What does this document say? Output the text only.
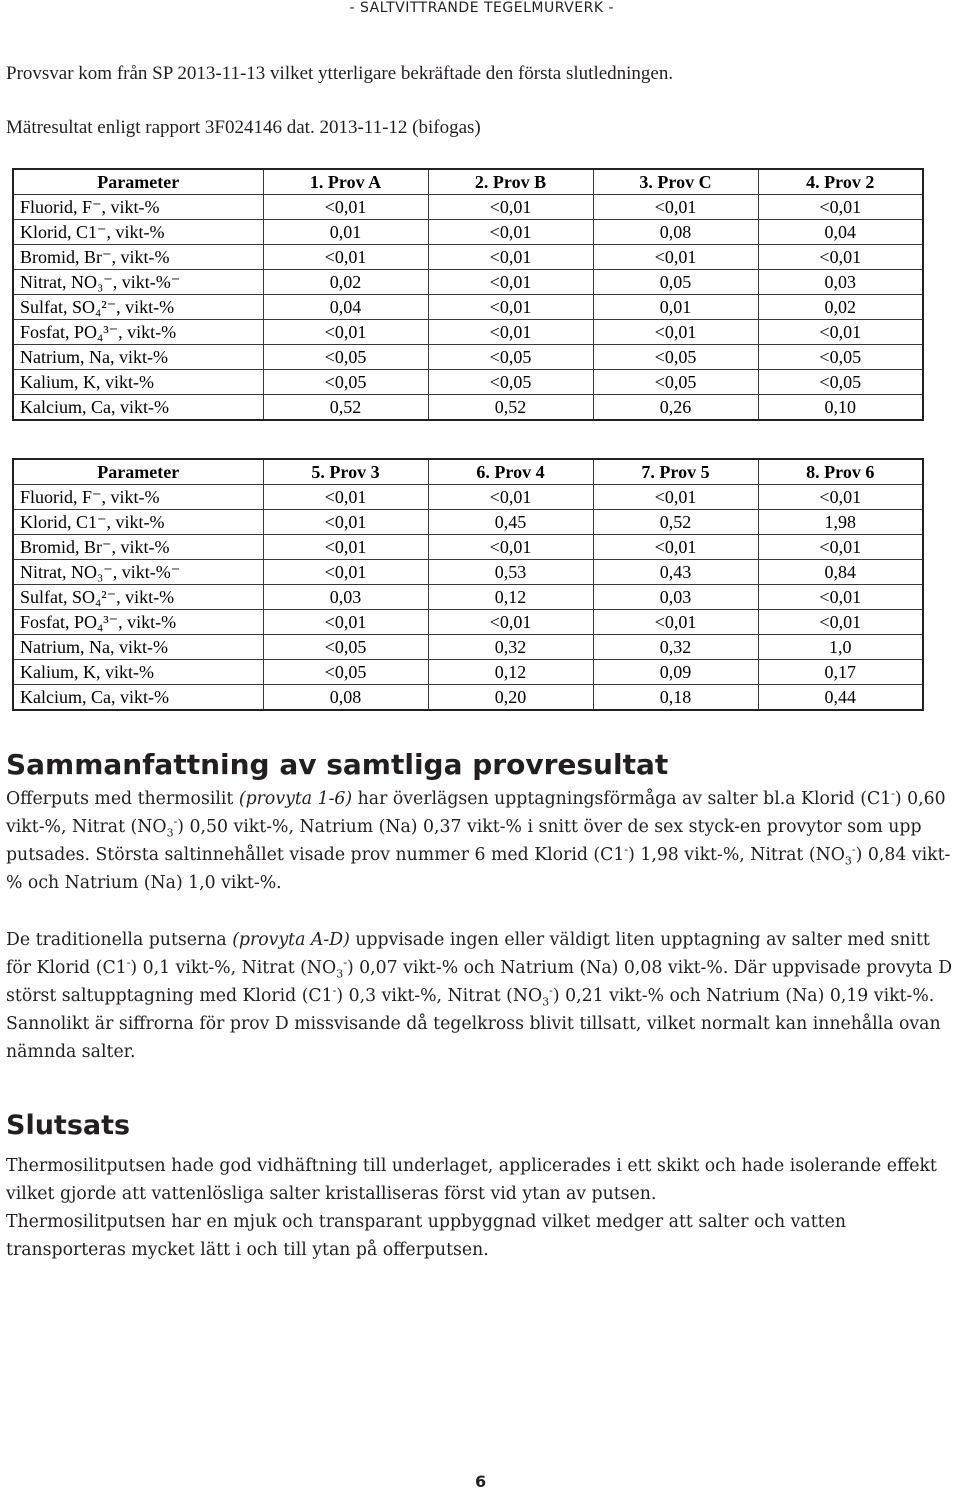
- SALTVITTRANDE TEGELMURVERK -

Provsvar kom från SP 2013-11-13 vilket ytterligare bekräftade den första slutledningen.

Mätresultat enligt rapport 3F024146 dat. 2013-11-12 (bifogas)

Parameter	1. Prov A	2. Prov B	3. Prov C	4. Prov 2
Fluorid, F⁻, vikt-%	<0,01	<0,01	<0,01	<0,01
Klorid, C1⁻, vikt-%	0,01	<0,01	0,08	0,04
Bromid, Br⁻, vikt-%	<0,01	<0,01	<0,01	<0,01
Nitrat, NO₃⁻, vikt-%⁻	0,02	<0,01	0,05	0,03
Sulfat, SO₄²⁻, vikt-%	0,04	<0,01	0,01	0,02
Fosfat, PO₄³⁻, vikt-%	<0,01	<0,01	<0,01	<0,01
Natrium, Na, vikt-%	<0,05	<0,05	<0,05	<0,05
Kalium, K, vikt-%	<0,05	<0,05	<0,05	<0,05
Kalcium, Ca, vikt-%	0,52	0,52	0,26	0,10
Parameter	5. Prov 3	6. Prov 4	7. Prov 5	8. Prov 6
Fluorid, F⁻, vikt-%	<0,01	<0,01	<0,01	<0,01
Klorid, C1⁻, vikt-%	<0,01	0,45	0,52	1,98
Bromid, Br⁻, vikt-%	<0,01	<0,01	<0,01	<0,01
Nitrat, NO₃⁻, vikt-%⁻	<0,01	0,53	0,43	0,84
Sulfat, SO₄²⁻, vikt-%	0,03	0,12	0,03	<0,01
Fosfat, PO₄³⁻, vikt-%	<0,01	<0,01	<0,01	<0,01
Natrium, Na, vikt-%	<0,05	0,32	0,32	1,0
Kalium, K, vikt-%	<0,05	0,12	0,09	0,17
Kalcium, Ca, vikt-%	0,08	0,20	0,18	0,44
Sammanfattning av samtliga provresultat

Offerputs med thermosilit (provyta 1-6) har överlägsen upptagningsförmåga av salter bl.a Klorid (C1-) 0,60 vikt-%, Nitrat $(NO_3^-)$ 0,50 vikt-%, Natrium (Na) 0,37 vikt-% i snitt över de sex styck-en provytor som upp putsades. Största saltinnehållet visade prov nummer 6 med Klorid (C1-) 1,98 vikt-%, Nitrat $(NO_3^-)$ 0,84 vikt-% och Natrium (Na) 1,0 vikt-%.

De traditionella putserna (provyta A-D) uppvisade ingen eller väldigt liten upptagning av salter med snitt för Klorid (C1-) 0,1 vikt-%, Nitrat $(NO_3^-)$ 0,07 vikt-% och Natrium (Na) 0,08 vikt-%. Där uppvisade provyta D störst saltupptagning med Klorid (C1-) 0,3 vikt-%, Nitrat $(NO_3^-)$ 0,21 vikt-% och Natrium (Na) 0,19 vikt-%. Sannolikt är siffrorna för prov D missvisande då tegelkross blivit tillsatt, vilket normalt kan innehålla ovan nämnda salter.

Slutsats

Thermosilitputsen hade god vidhäftning till underlaget, applicerades i ett skikt och hade isolerande effekt vilket gjorde att vattenlösliga salter kristalliseras först vid ytan av putsen.

Thermosilitputsen har en mjuk och transparant uppbyggnad vilket medger att salter och vatten transporteras mycket lätt i och till ytan på offerputsen.

6
